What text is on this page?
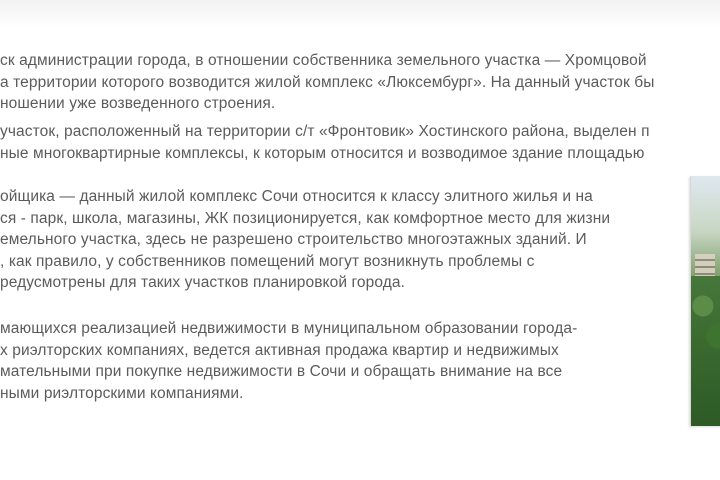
ск администрации города, в отношении собственника земельного участка — Хромцовой
а территории которого возводится жилой комплекс «Люксембург». На данный участок бы
ношении уже возведенного строения.

участок, расположенный на территории с/т «Фронтовик» Хостинского района, выделен п
ные многоквартирные комплексы, к которым относится и возводимое здание площадью

ойщика — данный жилой комплекс Сочи относится к классу элитного жилья и на
ся - парк, школа, магазины, ЖК позиционируется, как комфортное место для жизни
емельного участка, здесь не разрешено строительство многоэтажных зданий. И
, как правило, у собственников помещений могут возникнуть проблемы с
редусмотрены для таких участков планировкой города.

мающихся реализацией недвижимости в муниципальном образовании города-
х риэлторских компаниях, ведется активная продажа квартир и недвижимых
мательными при покупке недвижимости в Сочи и обращать внимание на все
ными риэлторскими компаниями.
